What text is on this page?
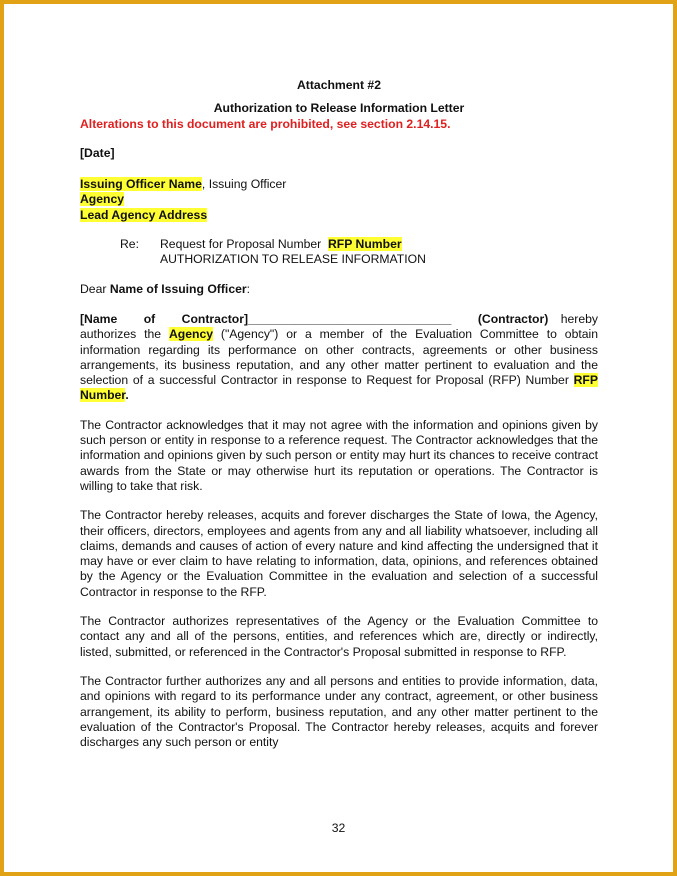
Attachment #2

Authorization to Release Information Letter

Alterations to this document are prohibited, see section 2.14.15.

[Date]

Issuing Officer Name, Issuing Officer

Agency

Lead Agency Address

Re: Request for Proposal Number  RFP Number

AUTHORIZATION TO RELEASE INFORMATION

Dear Name of Issuing Officer:

[Name of Contractor]______________________________ (Contractor) hereby authorizes the Agency ("Agency") or a member of the Evaluation Committee to obtain information regarding its performance on other contracts, agreements or other business arrangements, its business reputation, and any other matter pertinent to evaluation and the selection of a successful Contractor in response to Request for Proposal (RFP) Number RFP Number.

The Contractor acknowledges that it may not agree with the information and opinions given by such person or entity in response to a reference request. The Contractor acknowledges that the information and opinions given by such person or entity may hurt its chances to receive contract awards from the State or may otherwise hurt its reputation or operations. The Contractor is willing to take that risk.

The Contractor hereby releases, acquits and forever discharges the State of Iowa, the Agency, their officers, directors, employees and agents from any and all liability whatsoever, including all claims, demands and causes of action of every nature and kind affecting the undersigned that it may have or ever claim to have relating to information, data, opinions, and references obtained by the Agency or the Evaluation Committee in the evaluation and selection of a successful Contractor in response to the RFP.

The Contractor authorizes representatives of the Agency or the Evaluation Committee to contact any and all of the persons, entities, and references which are, directly or indirectly, listed, submitted, or referenced in the Contractor's Proposal submitted in response to RFP.

The Contractor further authorizes any and all persons and entities to provide information, data, and opinions with regard to its performance under any contract, agreement, or other business arrangement, its ability to perform, business reputation, and any other matter pertinent to the evaluation of the Contractor's Proposal. The Contractor hereby releases, acquits and forever discharges any such person or entity

32
